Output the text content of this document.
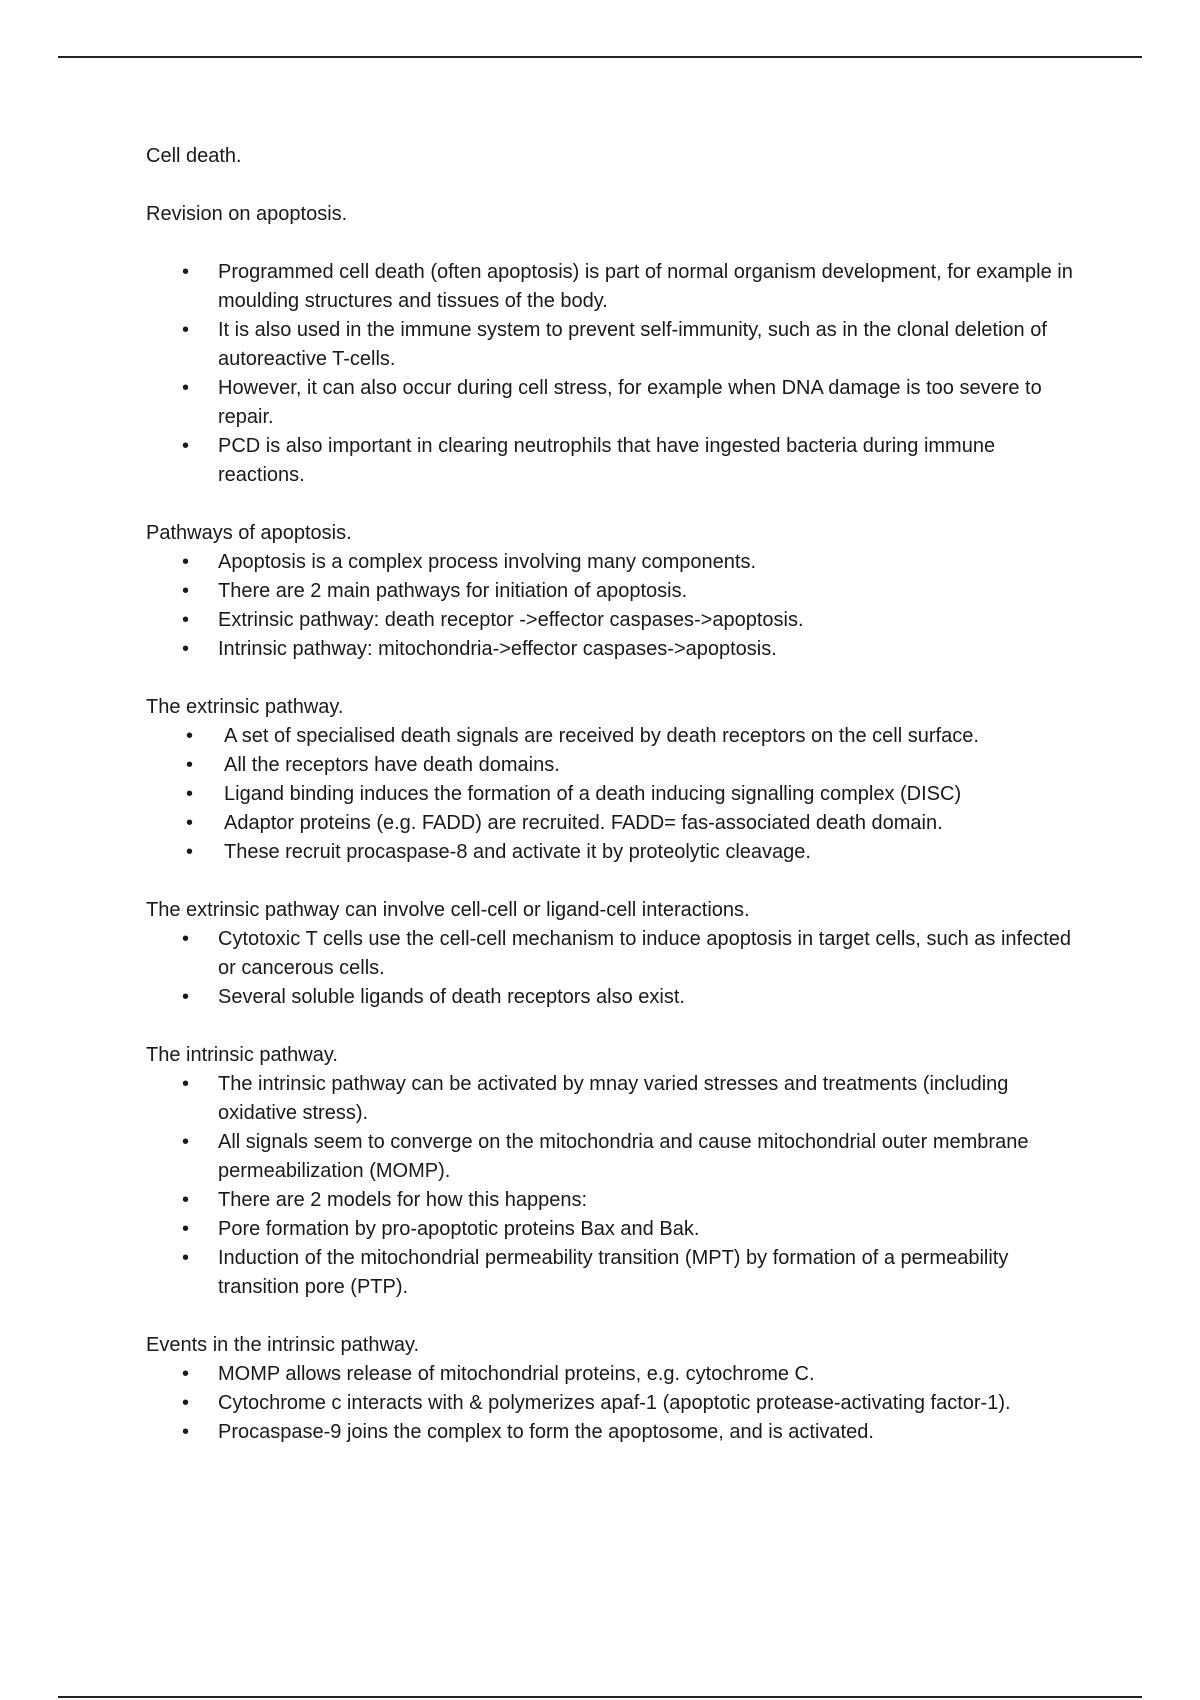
Cell death.

Revision on apoptosis.

•	Programmed cell death (often apoptosis) is part of normal organism development, for example in moulding structures and tissues of the body.
•	It is also used in the immune system to prevent self-immunity, such as in the clonal deletion of autoreactive T-cells.
•	However, it can also occur during cell stress, for example when DNA damage is too severe to repair.
•	PCD is also important in clearing neutrophils that have ingested bacteria during immune reactions.

Pathways of apoptosis.

•	Apoptosis is a complex process involving many components.
•	There are 2 main pathways for initiation of apoptosis.
•	Extrinsic pathway: death receptor ->effector caspases->apoptosis.
•	Intrinsic pathway: mitochondria->effector caspases->apoptosis.

The extrinsic pathway.

•	A set of specialised death signals are received by death receptors on the cell surface.
•	All the receptors have death domains.
•	Ligand binding induces the formation of a death inducing signalling complex (DISC)
•	Adaptor proteins (e.g. FADD) are recruited. FADD= fas-associated death domain.
•	These recruit procaspase-8 and activate it by proteolytic cleavage.

The extrinsic pathway can involve cell-cell or ligand-cell interactions.

•	Cytotoxic T cells use the cell-cell mechanism to induce apoptosis in target cells, such as infected or cancerous cells.
•	Several soluble ligands of death receptors also exist.

The intrinsic pathway.

•	The intrinsic pathway can be activated by mnay varied stresses and treatments (including oxidative stress).
•	All signals seem to converge on the mitochondria and cause mitochondrial outer membrane permeabilization (MOMP).
•	There are 2 models for how this happens:
•	Pore formation by pro-apoptotic proteins Bax and Bak.
•	Induction of the mitochondrial permeability transition (MPT) by formation of a permeability transition pore (PTP).

Events in the intrinsic pathway.

•	MOMP allows release of mitochondrial proteins, e.g. cytochrome C.
•	Cytochrome c interacts with & polymerizes apaf-1 (apoptotic protease-activating factor-1).
•	Procaspase-9 joins the complex to form the apoptosome, and is activated.
